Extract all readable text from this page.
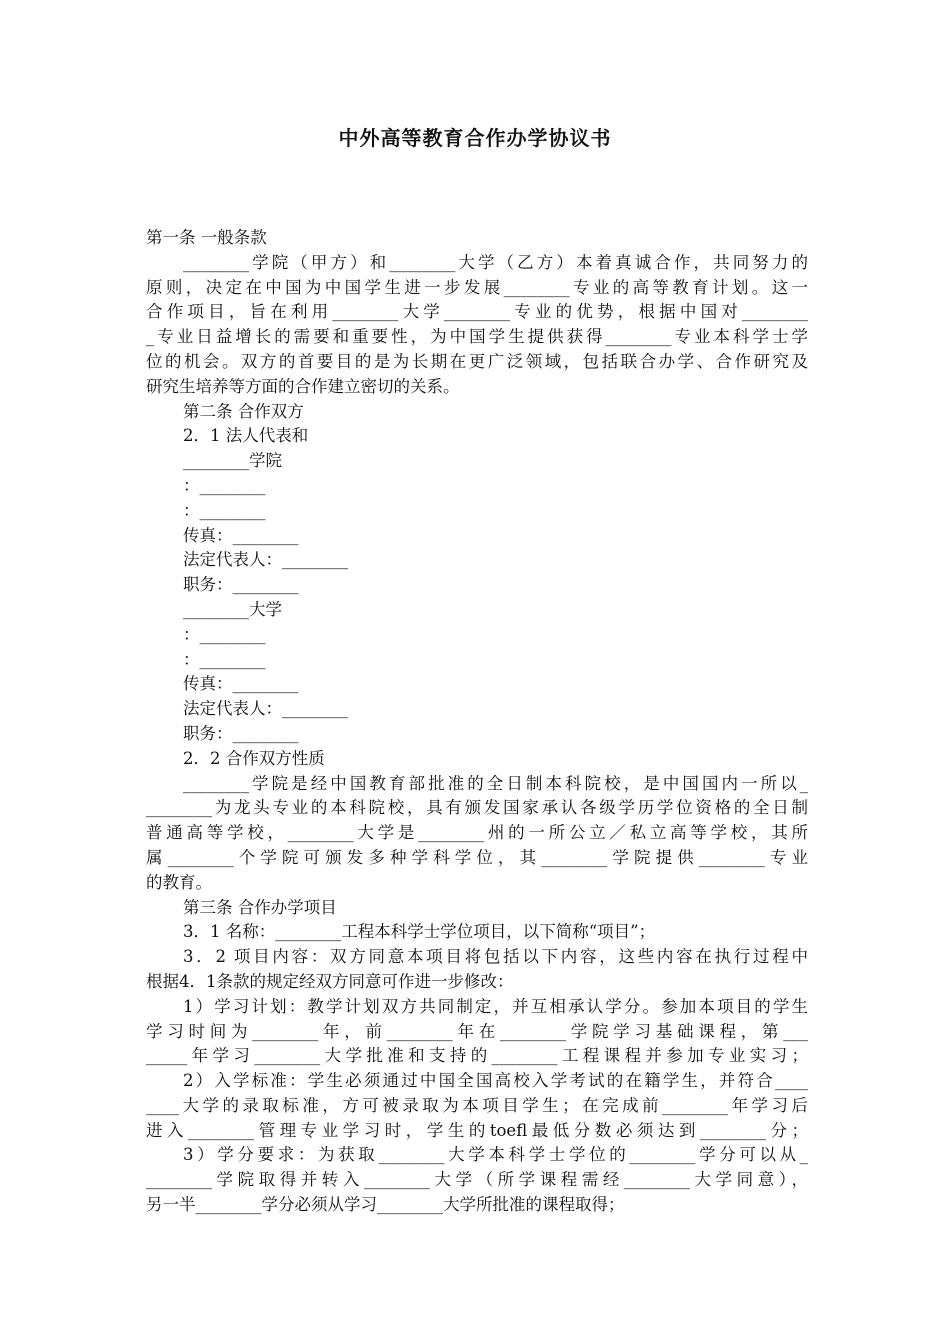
中外高等教育合作办学协议书
第一条 一般条款
________学院（甲方）和________大学（乙方）本着真诚合作，共同努力的
原则，决定在中国为中国学生进一步发展________专业的高等教育计划。这一
合作项目，旨在利用________大学________专业的优势，根据中国对________
_专业日益增长的需要和重要性，为中国学生提供获得________专业本科学士学
位的机会。双方的首要目的是为长期在更广泛领域，包括联合办学、合作研究及
研究生培养等方面的合作建立密切的关系。
第二条 合作双方
2．1 法人代表和
________学院
：________
：________
传真：________
法定代表人：________
职务：________
________大学
：________
：________
传真：________
法定代表人：________
职务：________
2．2 合作双方性质
________学院是经中国教育部批准的全日制本科院校，是中国国内一所以_
________为龙头专业的本科院校，具有颁发国家承认各级学历学位资格的全日制
普通高等学校，________大学是________州的一所公立／私立高等学校，其所
属________个学院可颁发多种学科学位，其________学院提供________专业
的教育。
第三条 合作办学项目
3．1 名称：________工程本科学士学位项目，以下简称“项目”；
3．2 项目内容：双方同意本项目将包括以下内容，这些内容在执行过程中
根据4．1条款的规定经双方同意可作进一步修改：
1）学习计划：教学计划双方共同制定，并互相承认学分。参加本项目的学生
学习时间为________年，前________年在________学院学习基础课程，第___
_____年学习________大学批准和支持的________工程课程并参加专业实习；
2）入学标准：学生必须通过中国全国高校入学考试的在籍学生，并符合____
____大学的录取标准，方可被录取为本项目学生；在完成前________年学习后
进入________管理专业学习时，学生的toefl最低分数必须达到________分；
3）学分要求：为获取________大学本科学士学位的________学分可以从_
________学院取得并转入________大学（所学课程需经________大学同意），
另一半________学分必须从学习________大学所批准的课程取得；
